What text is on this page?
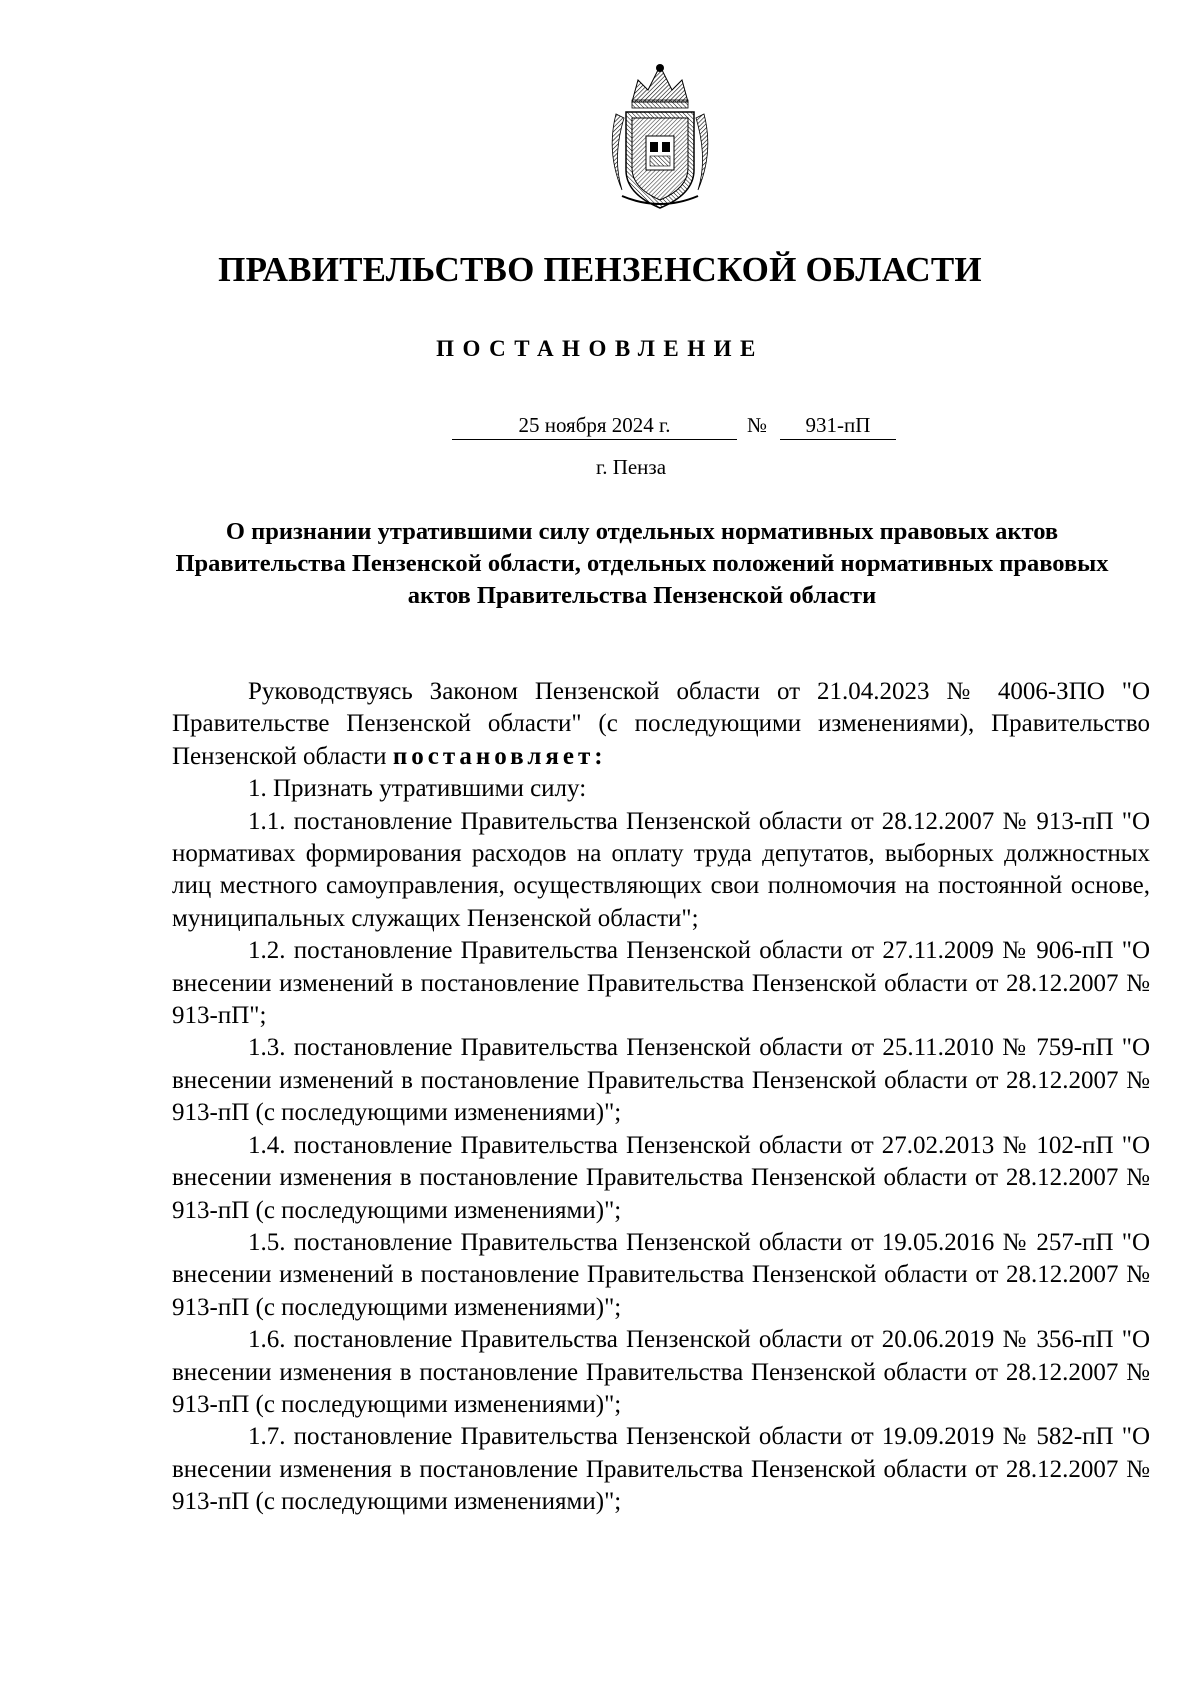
ПРАВИТЕЛЬСТВО ПЕНЗЕНСКОЙ ОБЛАСТИ
ПОСТАНОВЛЕНИЕ
25 ноября 2024 г.	№	931-пП
г. Пенза
О признании утратившими силу отдельных нормативных правовых актов Правительства Пензенской области, отдельных положений нормативных правовых актов Правительства Пензенской области

Руководствуясь Законом Пензенской области от 21.04.2023 № 4006-ЗПО "О Правительстве Пензенской области" (с последующими изменениями), Правительство Пензенской области постановляет:

1. Признать утратившими силу:

1.1. постановление Правительства Пензенской области от 28.12.2007 № 913-пП "О нормативах формирования расходов на оплату труда депутатов, выборных должностных лиц местного самоуправления, осуществляющих свои полномочия на постоянной основе, муниципальных служащих Пензенской области";

1.2. постановление Правительства Пензенской области от 27.11.2009 № 906-пП "О внесении изменений в постановление Правительства Пензенской области от 28.12.2007 № 913-пП";

1.3. постановление Правительства Пензенской области от 25.11.2010 № 759-пП "О внесении изменений в постановление Правительства Пензенской области от 28.12.2007 № 913-пП (с последующими изменениями)";

1.4. постановление Правительства Пензенской области от 27.02.2013 № 102-пП "О внесении изменения в постановление Правительства Пензенской области от 28.12.2007 № 913-пП (с последующими изменениями)";

1.5. постановление Правительства Пензенской области от 19.05.2016 № 257-пП "О внесении изменений в постановление Правительства Пензенской области от 28.12.2007 № 913-пП (с последующими изменениями)";

1.6. постановление Правительства Пензенской области от 20.06.2019 № 356-пП "О внесении изменения в постановление Правительства Пензенской области от 28.12.2007 № 913-пП (с последующими изменениями)";

1.7. постановление Правительства Пензенской области от 19.09.2019 № 582-пП "О внесении изменения в постановление Правительства Пензенской области от 28.12.2007 № 913-пП (с последующими изменениями)";
